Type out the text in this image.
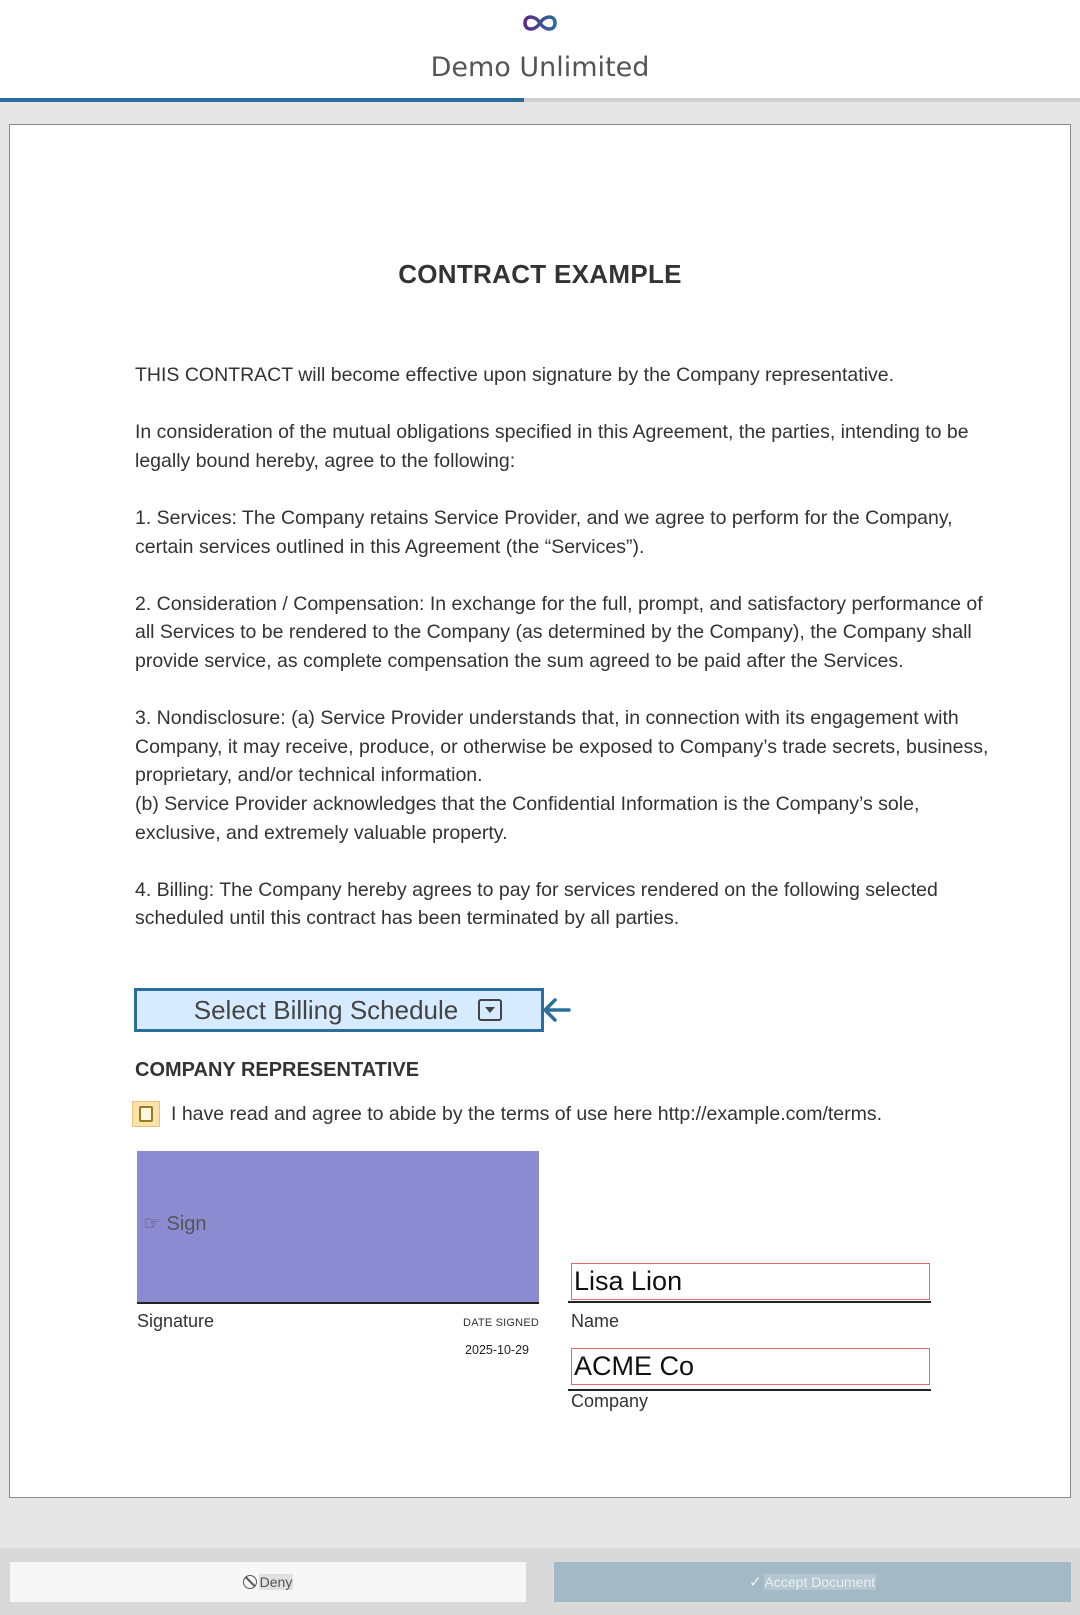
Demo Unlimited
CONTRACT EXAMPLE

THIS CONTRACT will become effective upon signature by the Company representative.

In consideration of the mutual obligations specified in this Agreement, the parties, intending to be legally bound hereby, agree to the following:

1. Services: The Company retains Service Provider, and we agree to perform for the Company, certain services outlined in this Agreement (the “Services”).

2. Consideration / Compensation: In exchange for the full, prompt, and satisfactory performance of all Services to be rendered to the Company (as determined by the Company), the Company shall provide service, as complete compensation the sum agreed to be paid after the Services.

3. Nondisclosure: (a) Service Provider understands that, in connection with its engagement with Company, it may receive, produce, or otherwise be exposed to Company’s trade secrets, business, proprietary, and/or technical information.

(b) Service Provider acknowledges that the Confidential Information is the Company’s sole, exclusive, and extremely valuable property.

4. Billing: The Company hereby agrees to pay for services rendered on the following selected scheduled until this contract has been terminated by all parties.

Select Billing Schedule
COMPANY REPRESENTATIVE
I have read and agree to abide by the terms of use here http://example.com/terms.
☞ Sign
Signature	DATE SIGNED
2025-10-29
Lisa Lion
Name
ACME Co
Company
Deny	✓ Accept Document
